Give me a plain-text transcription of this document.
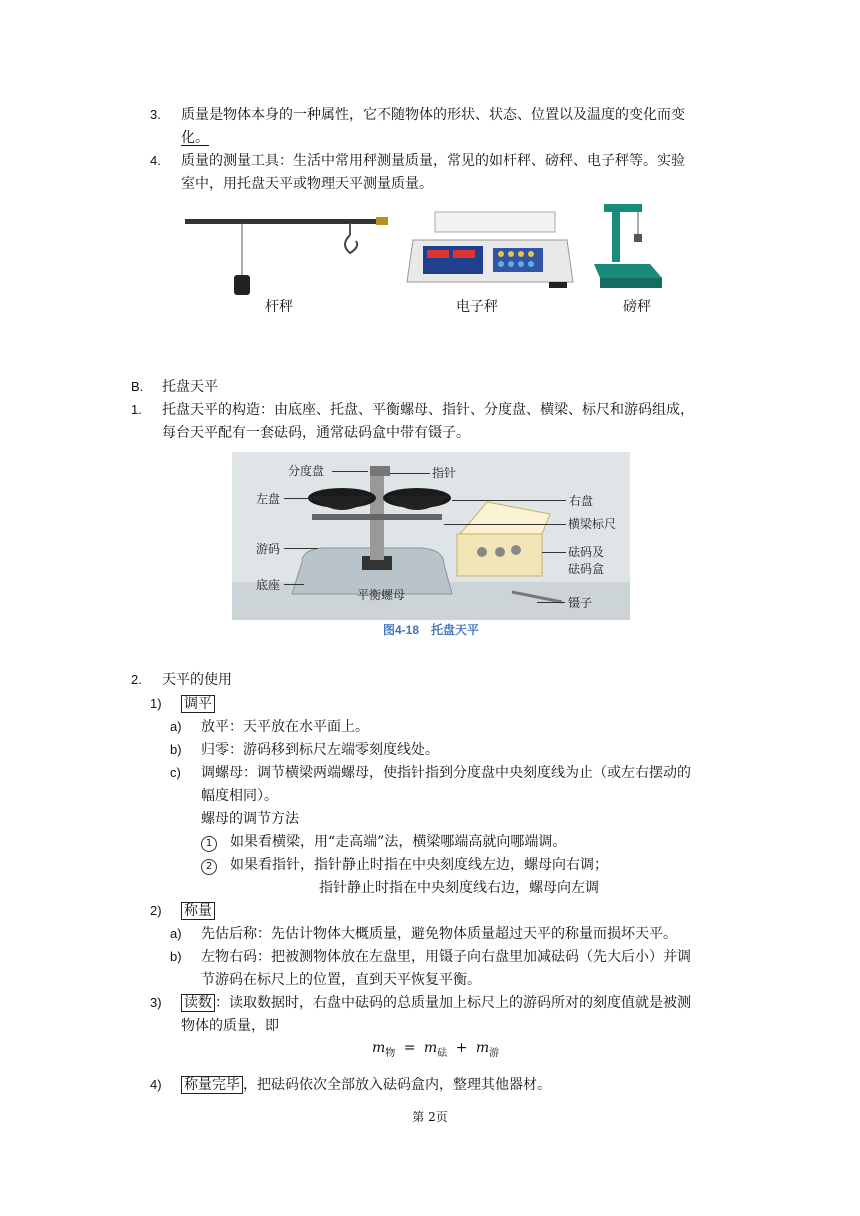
3. 质量是物体本身的一种属性，它不随物体的形状、状态、位置以及温度的变化而变
化。
4. 质量的测量工具：生活中常用秤测量质量，常见的如杆秤、磅秤、电子秤等。实验
室中，用托盘天平或物理天平测量质量。
杆秤	电子秤	磅秤
B. 托盘天平
1. 托盘天平的构造：由底座、托盘、平衡螺母、指针、分度盘、横梁、标尺和游码组成，
每台天平配有一套砝码，通常砝码盒中带有镊子。
分度盘	指针
左盘	右盘
横梁标尺
游码	砝码及
砝码盒
底座
平衡螺母
镊子
图4-18　托盘天平
2. 天平的使用
1) 调平
a) 放平：天平放在水平面上。
b) 归零：游码移到标尺左端零刻度线处。
c) 调螺母：调节横梁两端螺母，使指针指到分度盘中央刻度线为止（或左右摆动的
幅度相同）。
螺母的调节方法
1	如果看横梁，用“走高端”法，横梁哪端高就向哪端调。
2	如果看指针，指针静止时指在中央刻度线左边，螺母向右调；
指针静止时指在中央刻度线右边，螺母向左调
2) 称量
a) 先估后称：先估计物体大概质量，避免物体质量超过天平的称量而损坏天平。
b) 左物右码：把被测物体放在左盘里，用镊子向右盘里加减砝码（先大后小）并调
节游码在标尺上的位置，直到天平恢复平衡。
3) 读数 ：读取数据时，右盘中砝码的总质量加上标尺上的游码所对的刻度值就是被测
物体的质量，即
$m_物 = m_砝 + m_游$
4) 称量完毕 ，把砝码依次全部放入砝码盒内，整理其他器材。
第 2页
